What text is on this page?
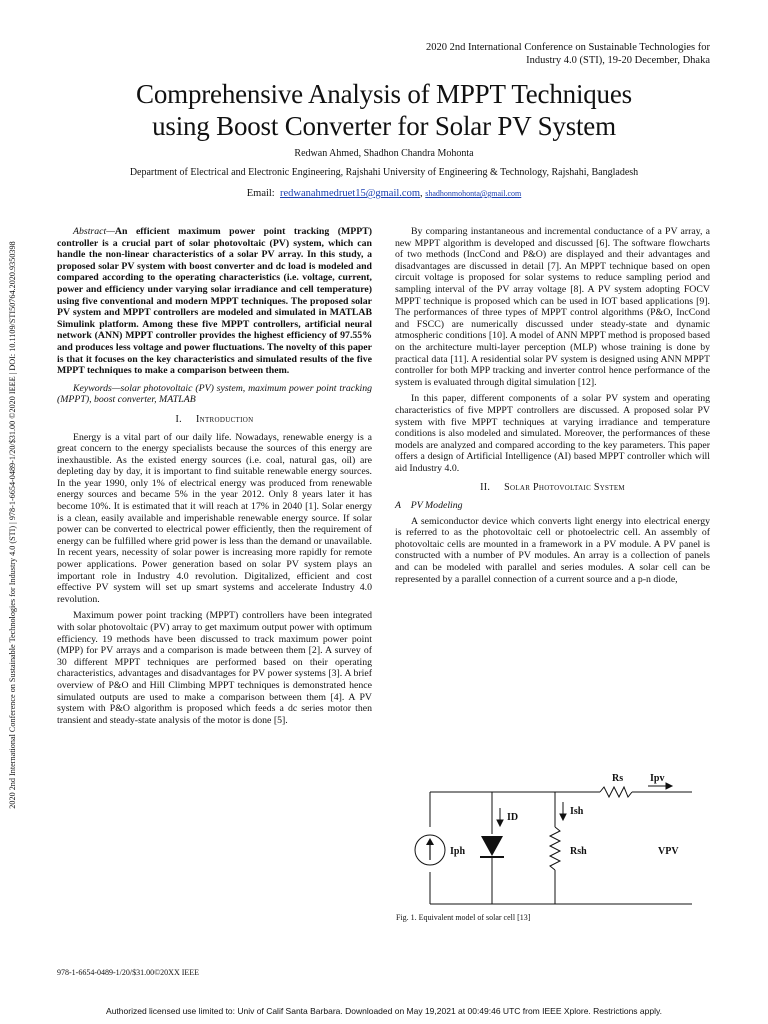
2020 2nd International Conference on Sustainable Technologies for
Industry 4.0 (STI), 19-20 December, Dhaka
Comprehensive Analysis of MPPT Techniques
using Boost Converter for Solar PV System
Redwan Ahmed, Shadhon Chandra Mohonta
Department of Electrical and Electronic Engineering, Rajshahi University of Engineering & Technology, Rajshahi, Bangladesh
Email: redwanahmedruet15@gmail.com, shadhonmohonta@gmail.com
2020 2nd International Conference on Sustainable Technologies for Industry 4.0 (STI) | 978-1-6654-0489-1/20/$31.00 ©2020 IEEE | DOI: 10.1109/STI50764.2020.9350398

Abstract—An efficient maximum power point tracking (MPPT) controller is a crucial part of solar photovoltaic (PV) system, which can handle the non-linear characteristics of a solar PV array. In this study, a proposed solar PV system with boost converter and dc load is modeled and compared according to the operating characteristics (i.e. voltage, current, power and efficiency under varying solar irradiance and cell temperature) using five conventional and modern MPPT techniques. The proposed solar PV system and MPPT controllers are modeled and simulated in MATLAB Simulink platform. Among these five MPPT controllers, artificial neural network (ANN) MPPT controller provides the highest efficiency of 97.55% and produces less voltage and power fluctuations. The novelty of this paper is that it focuses on the key characteristics and simulated results of the five MPPT techniques to make a comparison between them.

Keywords—solar photovoltaic (PV) system, maximum power point tracking (MPPT), boost converter, MATLAB

I. Introduction

Energy is a vital part of our daily life. Nowadays, renewable energy is a great concern to the energy specialists because the sources of this energy are inexhaustible. As the existed energy sources (i.e. coal, natural gas, oil) are depleting day by day, it is important to find suitable renewable energy sources. In the year 1990, only 1% of electrical energy was produced from renewable energy sources and became 5% in the year 2012. Only 8 years later it has become 10%. It is estimated that it will reach at 17% in 2040 [1]. Solar energy is a clean, easily available and imperishable renewable energy source. If solar power can be converted to electrical power efficiently, then the requirement of energy can be fulfilled where grid power is less than the demand or unavailable. In recent years, necessity of solar power is increasing more rapidly for remote power applications. Power generation based on solar PV system plays an important role in Industry 4.0 revolution. Digitalized, efficient and cost effective PV system will set up smart systems and accelerate Industry 4.0 revolution.

Maximum power point tracking (MPPT) controllers have been integrated with solar photovoltaic (PV) array to get maximum output power with optimum efficiency. 19 methods have been discussed to track maximum power point (MPP) for PV arrays and a comparison is made between them [2]. A survey of 30 different MPPT techniques are performed based on their operating characteristics, advantages and disadvantages for PV power systems [3]. A brief overview of P&O and Hill Climbing MPPT techniques is demonstrated hence simulated outputs are used to make a comparison between them [4]. A PV system with P&O algorithm is proposed which feeds a dc series motor then transient and steady-state analysis of the motor is done [5].

By comparing instantaneous and incremental conductance of a PV array, a new MPPT algorithm is developed and discussed [6]. The software flowcharts of two methods (IncCond and P&O) are displayed and their advantages and disadvantages are discussed in detail [7]. An MPPT technique based on open circuit voltage is proposed for solar systems to reduce sampling period and sampling interval of the PV array voltage [8]. A PV system adopting FOCV MPPT technique is proposed which can be used in IOT based applications [9]. The performances of three types of MPPT control algorithms (P&O, IncCond and FSCC) are numerically discussed under steady-state and dynamic atmospheric conditions [10]. A model of ANN MPPT method is proposed based on the architecture multi-layer perception (MLP) whose training is done by practical data [11]. A residential solar PV system is designed using ANN MPPT controller for both MPP tracking and inverter control hence performance of the system is evaluated through digital simulation [12].

In this paper, different components of a solar PV system and operating characteristics of five MPPT controllers are discussed. A proposed solar PV system with five MPPT techniques at varying irradiance and temperature conditions is also modeled and simulated. Moreover, the performances of these models are analyzed and compared according to the key parameters. This paper offers a design of Artificial Intelligence (AI) based MPPT controller which will aid Industry 4.0.

II. Solar Photovoltaic System
A PV Modeling

A semiconductor device which converts light energy into electrical energy is referred to as the photovoltaic cell or photoelectric cell. An assembly of photovoltaic cells are mounted in a framework in a PV module. A PV panel is constructed with a number of PV modules. An array is a collection of panels and can be modeled with parallel and series modules. A solar cell can be represented by a parallel connection of a current source and a p-n diode,

Rs	Ipv
ID
Ish
Iph	Rsh	VPV
Fig. 1. Equivalent model of solar cell [13]
978-1-6654-0489-1/20/$31.00©20XX IEEE
Authorized licensed use limited to: Univ of Calif Santa Barbara. Downloaded on May 19,2021 at 00:49:46 UTC from IEEE Xplore. Restrictions apply.
